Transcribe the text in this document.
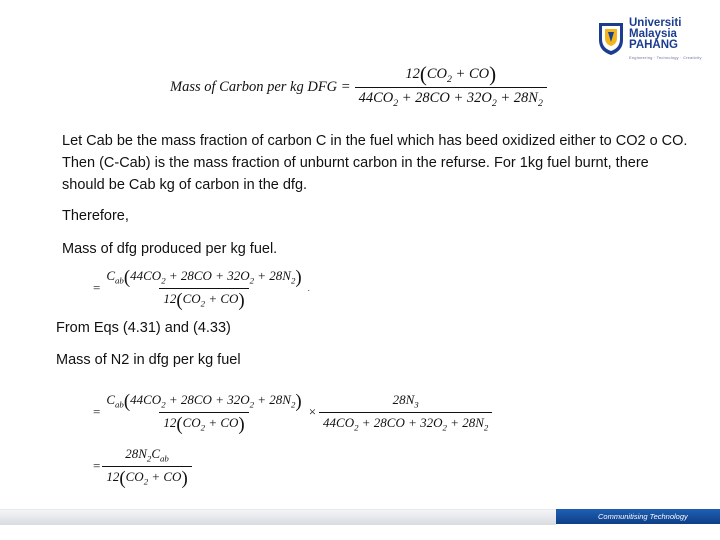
Universiti
Malaysia
PAHANG
Engineering · Technology · Creativity
Mass of Carbon per kg DFG = $\frac{12(CO_2 + CO)}{44CO_2 + 28CO + 32O_2 + 28N_2}$
Let Cab be the mass fraction of carbon C in the fuel which has beed oxidized either to CO2 o CO. Then (C-Cab) is the mass fraction of unburnt carbon in the refurse. For 1kg fuel burnt, there should be Cab kg of carbon in the dfg.
Therefore,
Mass of dfg produced per kg fuel.
= $\frac{C_{ab}(44CO_2 + 28CO + 32O_2 + 28N_2)}{12(CO_2 + CO)}$ .
From Eqs (4.31) and (4.33)
Mass of N2 in dfg per kg fuel
= $\frac{C_{ab}(44CO_2 + 28CO + 32O_2 + 28N_2)}{12(CO_2 + CO)} \times \frac{28N_3}{44CO_2 + 28CO + 32O_2 + 28N_2}$
= $\frac{28N_2C_{ab}}{12(CO_2 + CO)}$
Communitising Technology
